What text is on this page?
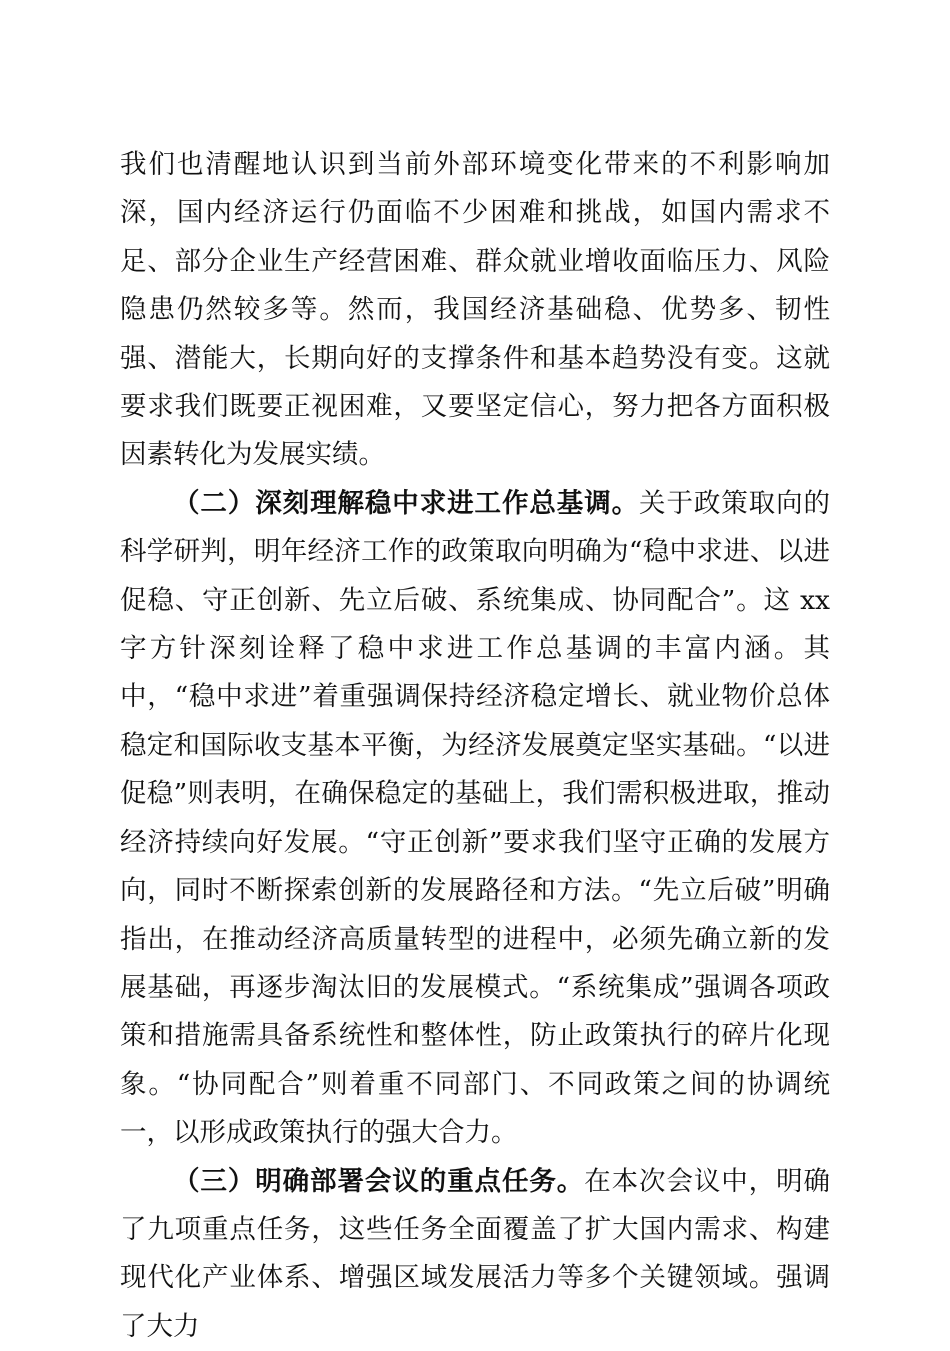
我们也清醒地认识到当前外部环境变化带来的不利影响加深，国内经济运行仍面临不少困难和挑战，如国内需求不足、部分企业生产经营困难、群众就业增收面临压力、风险隐患仍然较多等。然而，我国经济基础稳、优势多、韧性强、潜能大，长期向好的支撑条件和基本趋势没有变。这就要求我们既要正视困难，又要坚定信心，努力把各方面积极因素转化为发展实绩。

（二）深刻理解稳中求进工作总基调。关于政策取向的科学研判，明年经济工作的政策取向明确为“稳中求进、以进促稳、守正创新、先立后破、系统集成、协同配合”。这 xx 字方针深刻诠释了稳中求进工作总基调的丰富内涵。其中，“稳中求进”着重强调保持经济稳定增长、就业物价总体稳定和国际收支基本平衡，为经济发展奠定坚实基础。“以进促稳”则表明，在确保稳定的基础上，我们需积极进取，推动经济持续向好发展。“守正创新”要求我们坚守正确的发展方向，同时不断探索创新的发展路径和方法。“先立后破”明确指出，在推动经济高质量转型的进程中，必须先确立新的发展基础，再逐步淘汰旧的发展模式。“系统集成”强调各项政策和措施需具备系统性和整体性，防止政策执行的碎片化现象。“协同配合”则着重不同部门、不同政策之间的协调统一，以形成政策执行的强大合力。

（三）明确部署会议的重点任务。在本次会议中，明确了九项重点任务，这些任务全面覆盖了扩大国内需求、构建现代化产业体系、增强区域发展活力等多个关键领域。强调了大力
